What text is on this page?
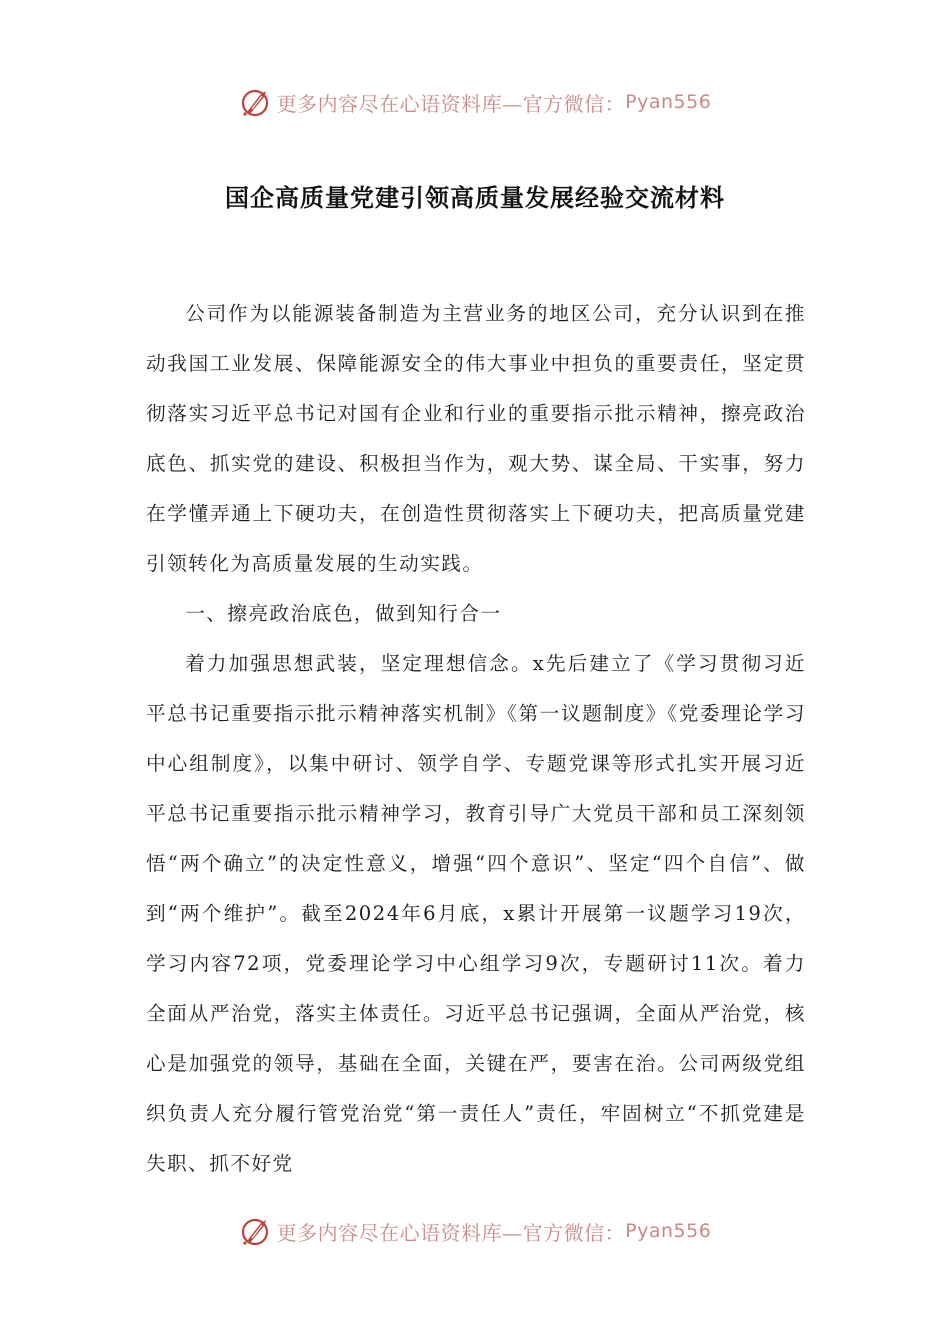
更多内容尽在心语资料库—官方微信： Pyan556
国企高质量党建引领高质量发展经验交流材料

公司作为以能源装备制造为主营业务的地区公司，充分认识到在推动我国工业发展、保障能源安全的伟大事业中担负的重要责任，坚定贯彻落实习近平总书记对国有企业和行业的重要指示批示精神，擦亮政治底色、抓实党的建设、积极担当作为，观大势、谋全局、干实事，努力在学懂弄通上下硬功夫，在创造性贯彻落实上下硬功夫，把高质量党建引领转化为高质量发展的生动实践。

一、擦亮政治底色，做到知行合一

着力加强思想武装，坚定理想信念。x先后建立了《学习贯彻习近平总书记重要指示批示精神落实机制》《第一议题制度》《党委理论学习中心组制度》，以集中研讨、领学自学、专题党课等形式扎实开展习近平总书记重要指示批示精神学习，教育引导广大党员干部和员工深刻领悟“两个确立”的决定性意义，增强“四个意识”、坚定“四个自信”、做到“两个维护”。截至2024年6月底，x累计开展第一议题学习19次，学习内容72项，党委理论学习中心组学习9次，专题研讨11次。着力全面从严治党，落实主体责任。习近平总书记强调，全面从严治党，核心是加强党的领导，基础在全面，关键在严，要害在治。公司两级党组织负责人充分履行管党治党“第一责任人”责任，牢固树立“不抓党建是失职、抓不好党

更多内容尽在心语资料库—官方微信： Pyan556
